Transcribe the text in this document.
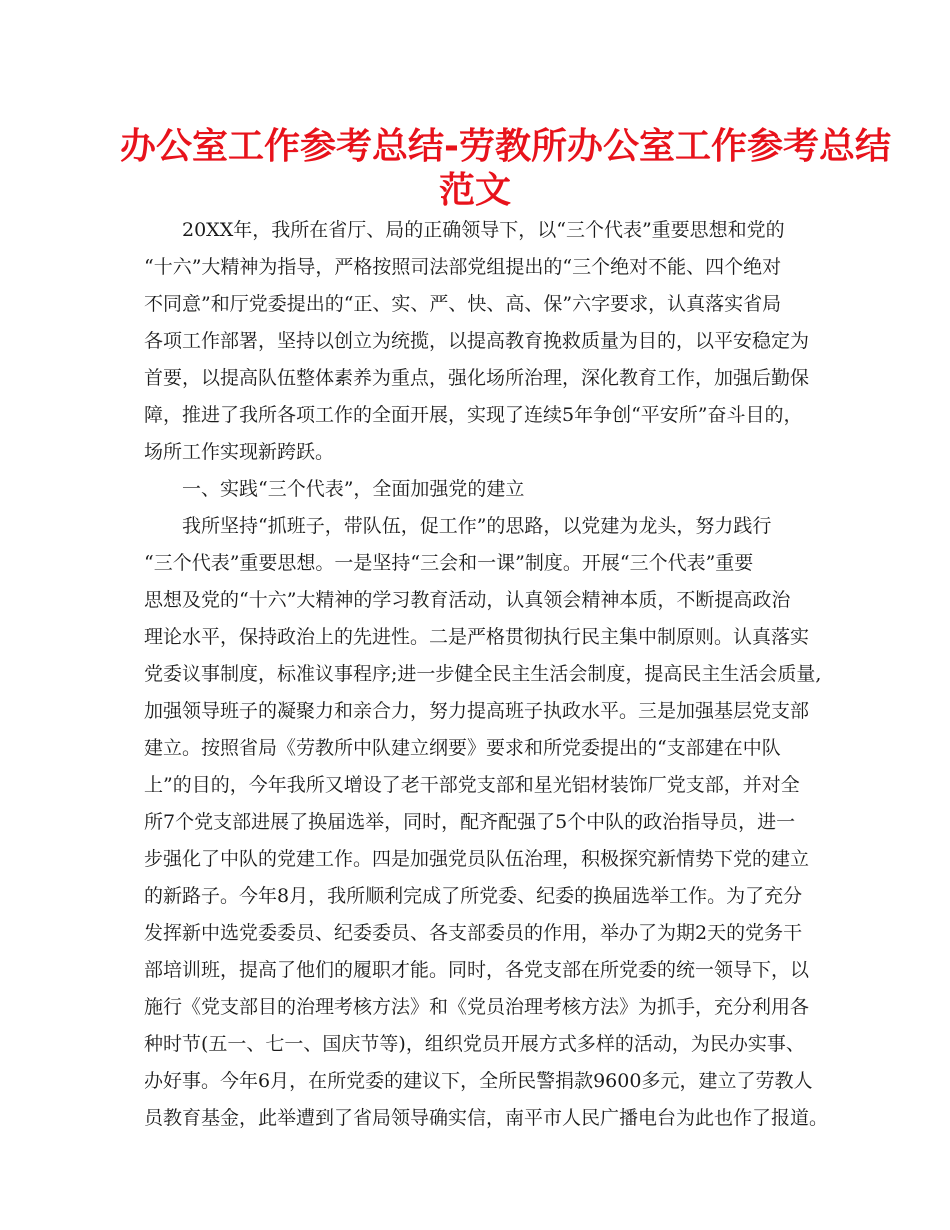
办公室工作参考总结-劳教所办公室工作参考总结
范文

20XX年，我所在省厅、局的正确领导下，以“三个代表”重要思想和党的

“十六”大精神为指导，严格按照司法部党组提出的“三个绝对不能、四个绝对

不同意”和厅党委提出的“正、实、严、快、高、保”六字要求，认真落实省局

各项工作部署，坚持以创立为统揽，以提高教育挽救质量为目的，以平安稳定为

首要，以提高队伍整体素养为重点，强化场所治理，深化教育工作，加强后勤保

障，推进了我所各项工作的全面开展，实现了连续5年争创“平安所”奋斗目的，

场所工作实现新跨跃。

一、实践“三个代表”，全面加强党的建立

我所坚持“抓班子，带队伍，促工作”的思路，以党建为龙头，努力践行

“三个代表”重要思想。一是坚持“三会和一课”制度。开展“三个代表”重要

思想及党的“十六”大精神的学习教育活动，认真领会精神本质，不断提高政治

理论水平，保持政治上的先进性。二是严格贯彻执行民主集中制原则。认真落实

党委议事制度，标准议事程序;进一步健全民主生活会制度，提高民主生活会质量,

加强领导班子的凝聚力和亲合力，努力提高班子执政水平。三是加强基层党支部

建立。按照省局《劳教所中队建立纲要》要求和所党委提出的“支部建在中队

上”的目的，今年我所又增设了老干部党支部和星光铝材装饰厂党支部，并对全

所7个党支部进展了换届选举，同时，配齐配强了5个中队的政治指导员，进一

步强化了中队的党建工作。四是加强党员队伍治理，积极探究新情势下党的建立

的新路子。今年8月，我所顺利完成了所党委、纪委的换届选举工作。为了充分

发挥新中选党委委员、纪委委员、各支部委员的作用，举办了为期2天的党务干

部培训班，提高了他们的履职才能。同时，各党支部在所党委的统一领导下，以

施行《党支部目的治理考核方法》和《党员治理考核方法》为抓手，充分利用各

种时节(五一、七一、国庆节等)，组织党员开展方式多样的活动，为民办实事、

办好事。今年6月，在所党委的建议下，全所民警捐款9600多元，建立了劳教人

员教育基金，此举遭到了省局领导确实信，南平市人民广播电台为此也作了报道。
